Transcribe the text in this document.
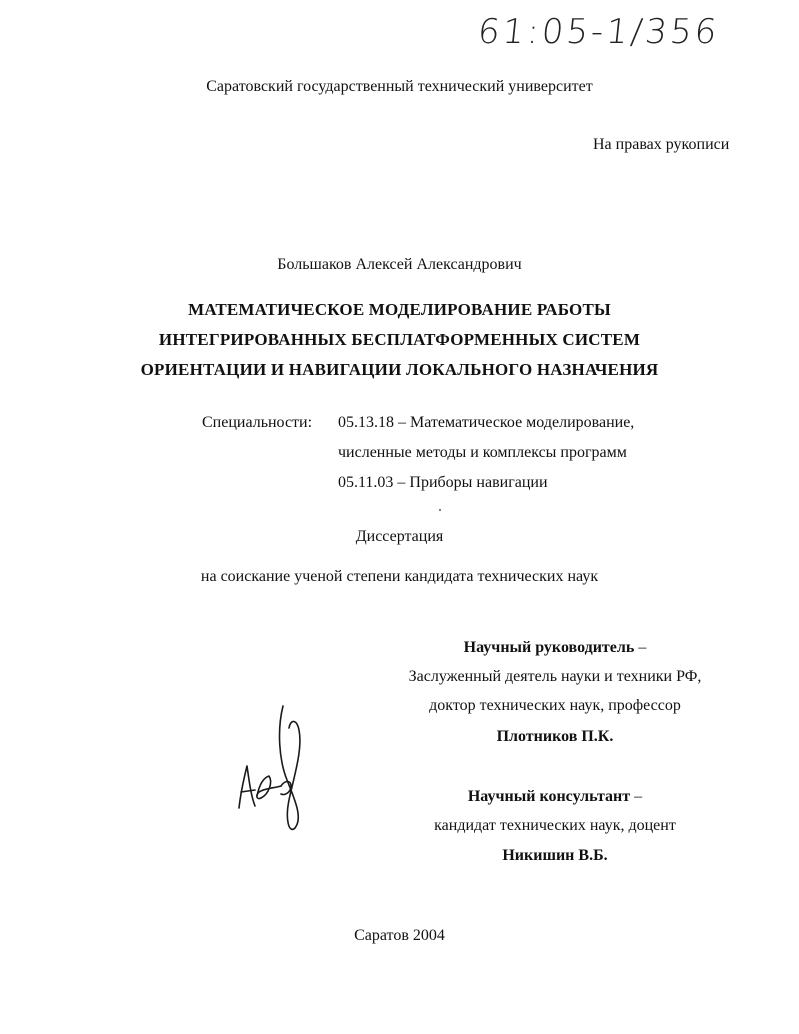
61:05-1/356
Саратовский государственный технический университет
На правах рукописи
Большаков Алексей Александрович
МАТЕМАТИЧЕСКОЕ МОДЕЛИРОВАНИЕ РАБОТЫ
ИНТЕГРИРОВАННЫХ БЕСПЛАТФОРМЕННЫХ СИСТЕМ
ОРИЕНТАЦИИ И НАВИГАЦИИ ЛОКАЛЬНОГО НАЗНАЧЕНИЯ
Специальности: 05.13.18 – Математическое моделирование,
численные методы и комплексы программ
05.11.03 – Приборы навигации
Диссертация
на соискание ученой степени кандидата технических наук
Научный руководитель –
Заслуженный деятель науки и техники РФ,
доктор технических наук, профессор
Плотников П.К.
Научный консультант –
кандидат технических наук, доцент
Никишин В.Б.
Саратов 2004
